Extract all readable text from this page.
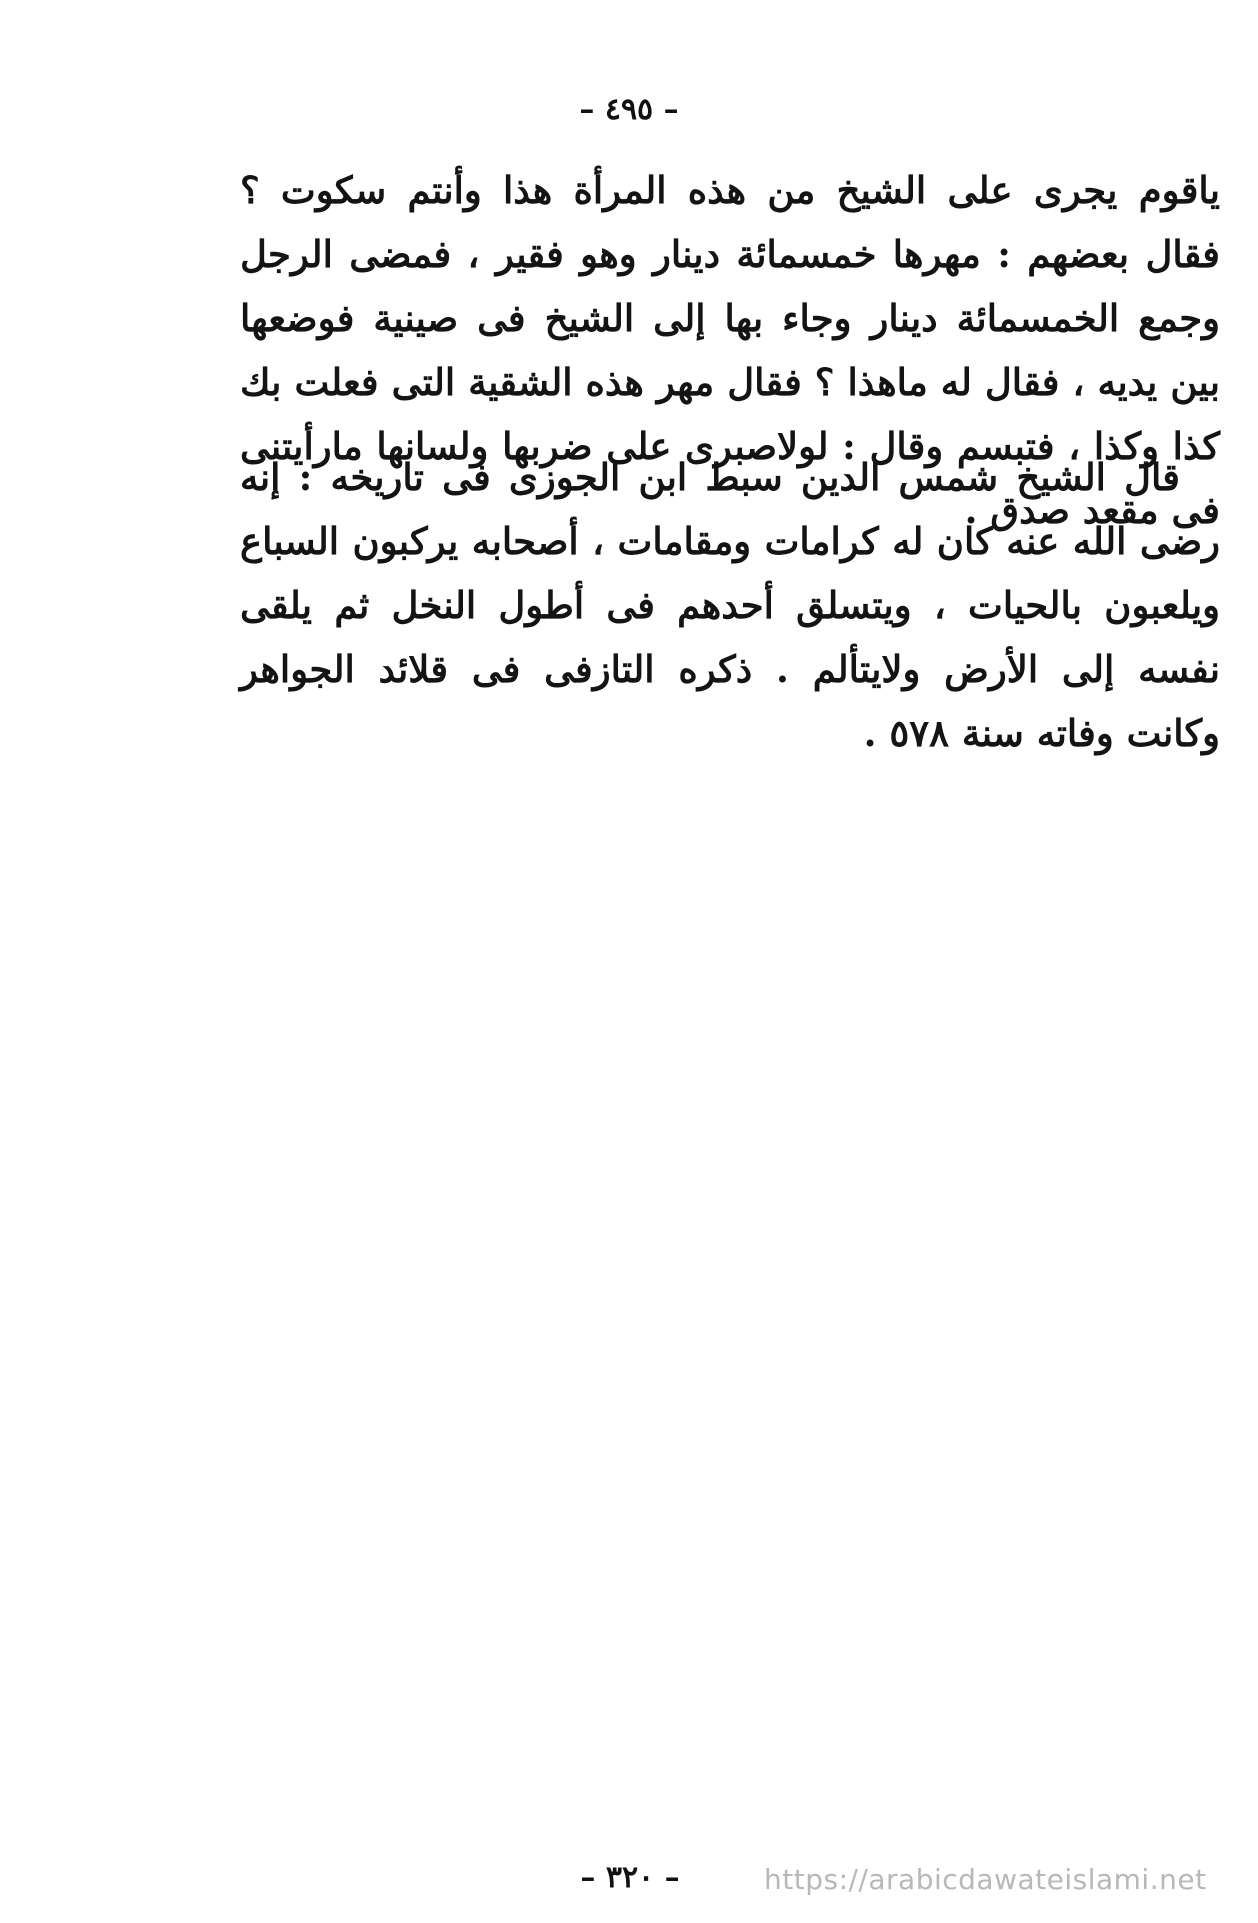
– ٤٩٥ –

ياقوم يجرى على الشيخ من هذه المرأة هذا وأنتم سكوت ؟ فقال بعضهم : مهرها خمسمائة دينار وهو فقير ، فمضى الرجل وجمع الخمسمائة دينار وجاء بها إلى الشيخ فى صينية فوضعها بين يديه ، فقال له ماهذا ؟ فقال مهر هذه الشقية التى فعلت بك كذا وكذا ، فتبسم وقال : لولاصبرى على ضربها ولسانها مارأيتنى فى مقعد صدق .

قال الشيخ شمس الدين سبط ابن الجوزى فى تاريخه : إنه رضى الله عنه كان له كرامات ومقامات ، أصحابه يركبون السباع ويلعبون بالحيات ، ويتسلق أحدهم فى أطول النخل ثم يلقى نفسه إلى الأرض ولايتألم . ذكره التازفى فى قلائد الجواهر وكانت وفاته سنة ٥٧٨ .

– ٣٢٠ –	https://arabicdawateislami.net
